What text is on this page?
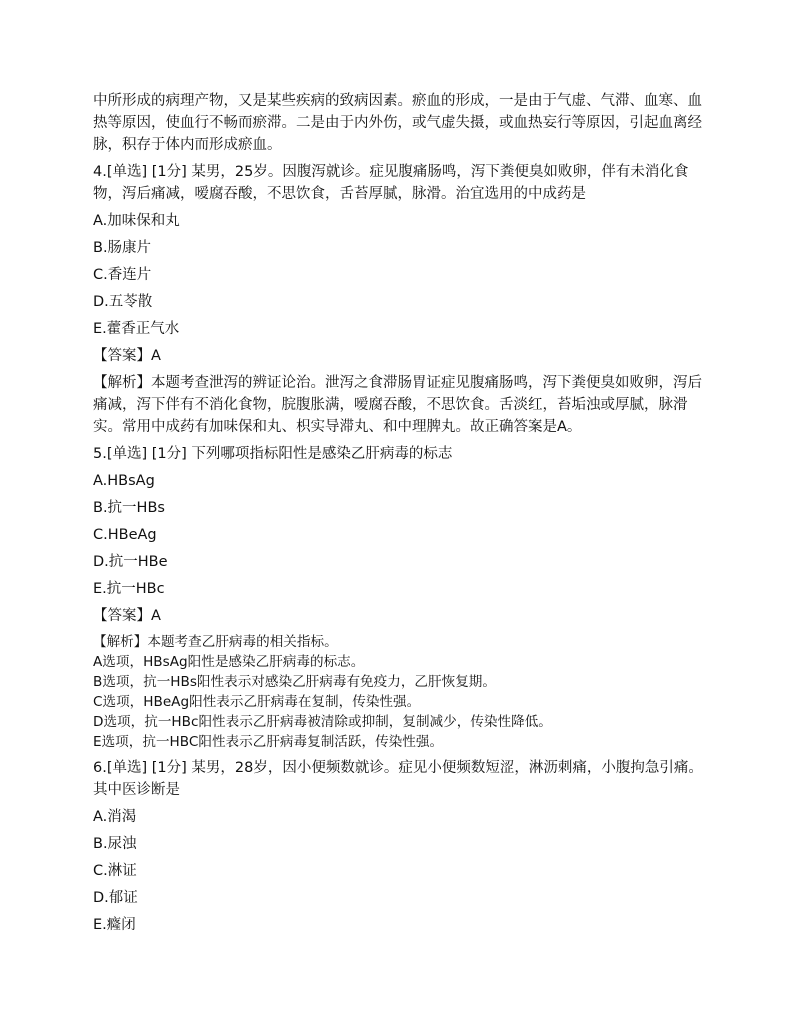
中所形成的病理产物，又是某些疾病的致病因素。瘀血的形成，一是由于气虚、气滞、血寒、血热等原因，使血行不畅而瘀滞。二是由于内外伤，或气虚失摄，或血热妄行等原因，引起血离经脉，积存于体内而形成瘀血。

4.[单选] [1分] 某男，25岁。因腹泻就诊。症见腹痛肠鸣，泻下粪便臭如败卵，伴有未消化食物，泻后痛减，嗳腐吞酸，不思饮食，舌苔厚腻，脉滑。治宜选用的中成药是

A.加味保和丸

B.肠康片

C.香连片

D.五苓散

E.藿香正气水

【答案】A

【解析】本题考查泄泻的辨证论治。泄泻之食滞肠胃证症见腹痛肠鸣，泻下粪便臭如败卵，泻后痛减，泻下伴有不消化食物，脘腹胀满，嗳腐吞酸，不思饮食。舌淡红，苔垢浊或厚腻，脉滑实。常用中成药有加味保和丸、枳实导滞丸、和中理脾丸。故正确答案是A。

5.[单选] [1分] 下列哪项指标阳性是感染乙肝病毒的标志

A.HBsAg

B.抗一HBs

C.HBeAg

D.抗一HBe

E.抗一HBc

【答案】A

【解析】本题考查乙肝病毒的相关指标。

A选项，HBsAg阳性是感染乙肝病毒的标志。

B选项，抗一HBs阳性表示对感染乙肝病毒有免疫力，乙肝恢复期。

C选项，HBeAg阳性表示乙肝病毒在复制，传染性强。

D选项，抗一HBc阳性表示乙肝病毒被清除或抑制，复制减少，传染性降低。

E选项，抗一HBC阳性表示乙肝病毒复制活跃，传染性强。

6.[单选] [1分] 某男，28岁，因小便频数就诊。症见小便频数短涩，淋沥刺痛，小腹拘急引痛。其中医诊断是

A.消渴

B.尿浊

C.淋证

D.郁证

E.癃闭
